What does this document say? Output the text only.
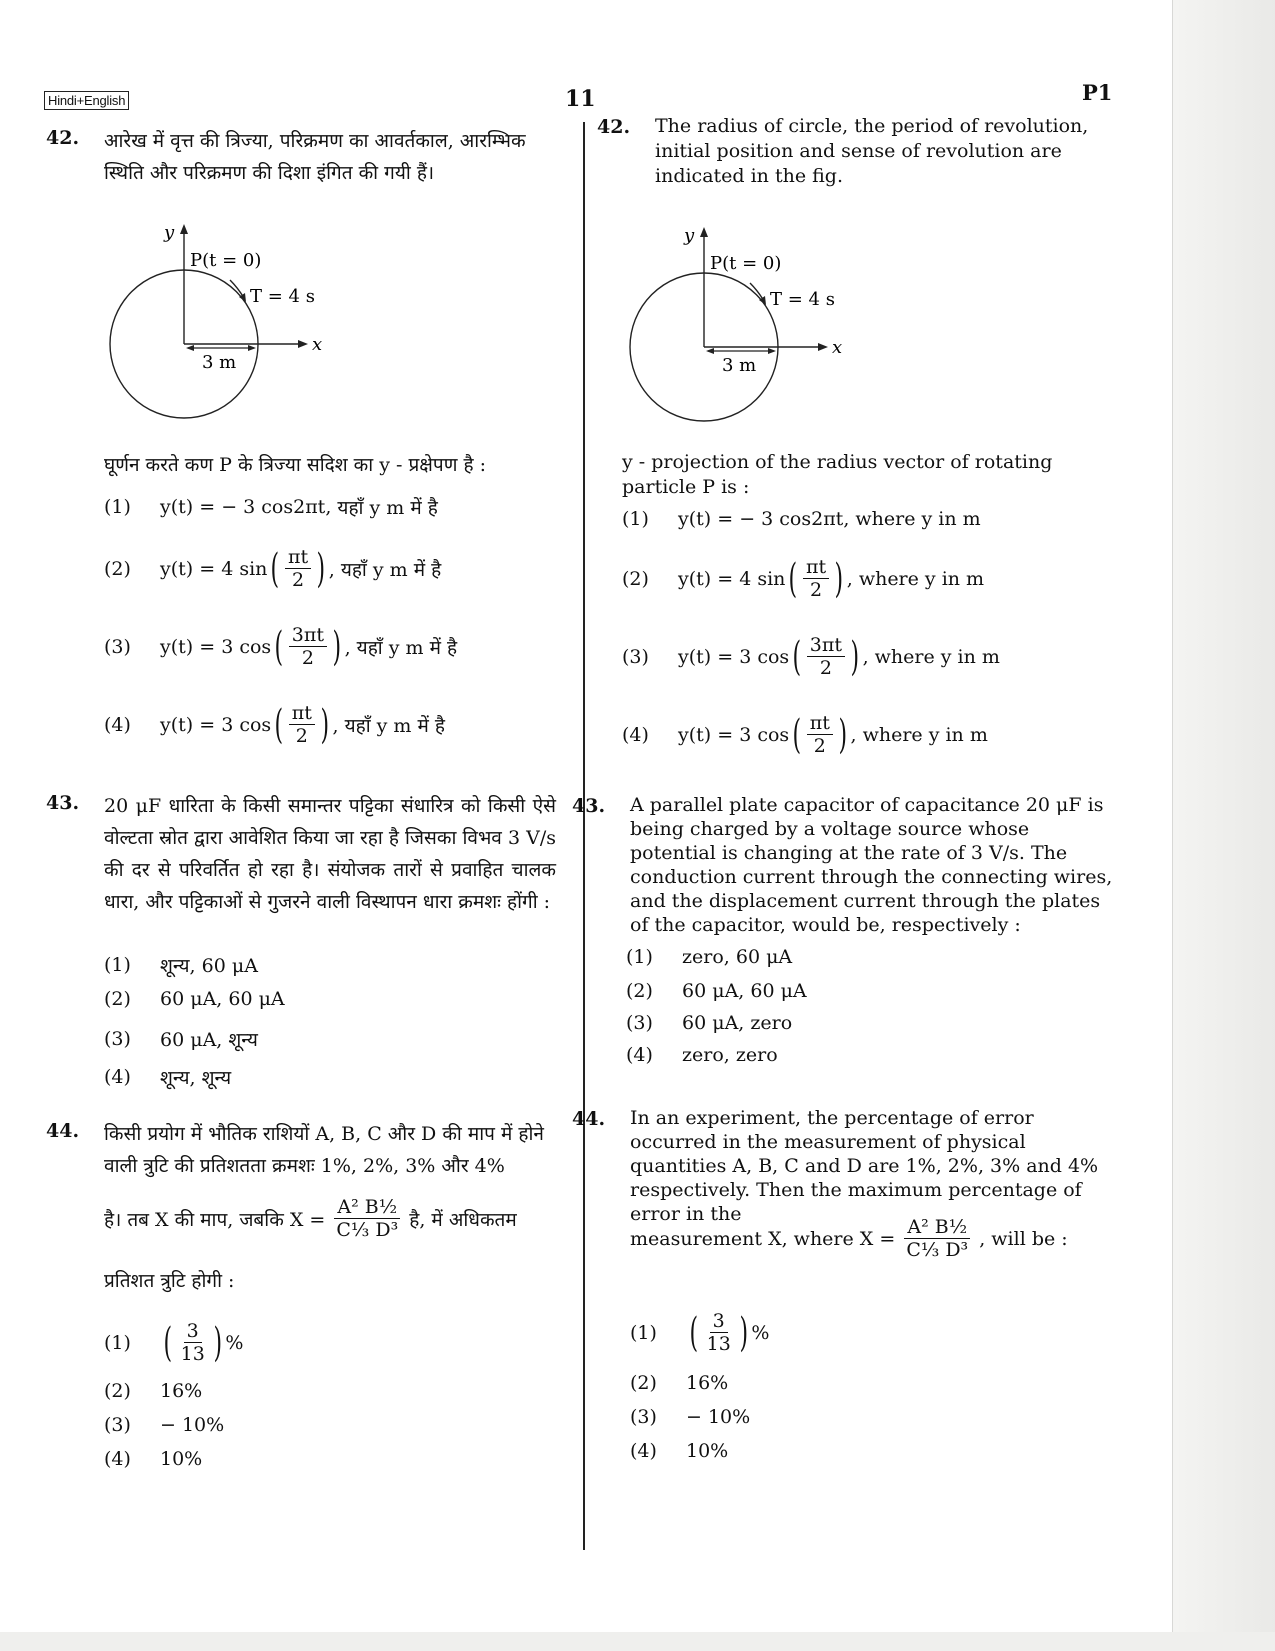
Hindi+English	11	P1
42.	आरेख में वृत्त की त्रिज्या, परिक्रमण का आवर्तकाल, आरम्भिक स्थिति और परिक्रमण की दिशा इंगित की गयी हैं।
y
x
P(t = 0)
T = 4 s
3 m
घूर्णन करते कण P के त्रिज्या सदिश का y - प्रक्षेपण है :
(1)	y(t) = − 3 cos2πt,
यहाँ y m में है
(2)	y(t) = 4 sin ( $\frac{\pi t}{2}$ ) , यहाँ y m में है
(3)	y(t) = 3 cos ( $\frac{3\pi t}{2}$ ) , यहाँ y m में है
(4)	y(t) = 3 cos ( $\frac{\pi t}{2}$ ) , यहाँ y m में है
43.	20 μF धारिता के किसी समान्तर पट्टिका संधारित्र को किसी ऐसे वोल्टता स्रोत द्वारा आवेशित किया जा रहा है जिसका विभव 3 V/s की दर से परिवर्तित हो रहा है। संयोजक तारों से प्रवाहित चालक धारा, और पट्टिकाओं से गुजरने वाली विस्थापन धारा क्रमशः होंगी :
(1)	शून्य, 60 μA
(2)	60 μA, 60 μA
(3)	60 μA, शून्य
(4)	शून्य, शून्य
44.	किसी प्रयोग में भौतिक राशियों A, B, C और D की माप में होने वाली त्रुटि की प्रतिशतता क्रमशः 1%, 2%, 3% और 4%
है। तब X की माप, जबकि X =
$\frac{\text{A² B½}}{\text{C⅓ D³}}$
है, में अधिकतम
प्रतिशत त्रुटि होगी :
(1) ( $\frac{3}{13}$ ) %
(2)	16%
(3)	− 10%
(4)	10%
42.	The radius of circle, the period of revolution, initial position and sense of revolution are indicated in the fig.
y
x
P(t = 0)
T = 4 s
3 m
y - projection of the radius vector of rotating particle P is :
(1)	y(t) = − 3 cos2πt,
where y in m
(2)	y(t) = 4 sin ( $\frac{\pi t}{2}$ ) , where y in m
(3)	y(t) = 3 cos ( $\frac{3\pi t}{2}$ ) , where y in m
(4)	y(t) = 3 cos ( $\frac{\pi t}{2}$ ) , where y in m
43.	A parallel plate capacitor of capacitance 20 μF is being charged by a voltage source whose potential is changing at the rate of 3 V/s. The conduction current through the connecting wires, and the displacement current through the plates of the capacitor, would be, respectively :
(1)	zero, 60 μA
(2)	60 μA, 60 μA
(3)	60 μA, zero
(4)	zero, zero
44.	In an experiment, the percentage of error occurred in the measurement of physical quantities A, B, C and D are 1%, 2%, 3% and 4% respectively. Then the maximum percentage of error in the
measurement X, where X =
$\frac{\text{A² B½}}{\text{C⅓ D³}}$
, will be :
(1) ( $\frac{3}{13}$ ) %
(2)	16%
(3)	− 10%
(4)	10%
